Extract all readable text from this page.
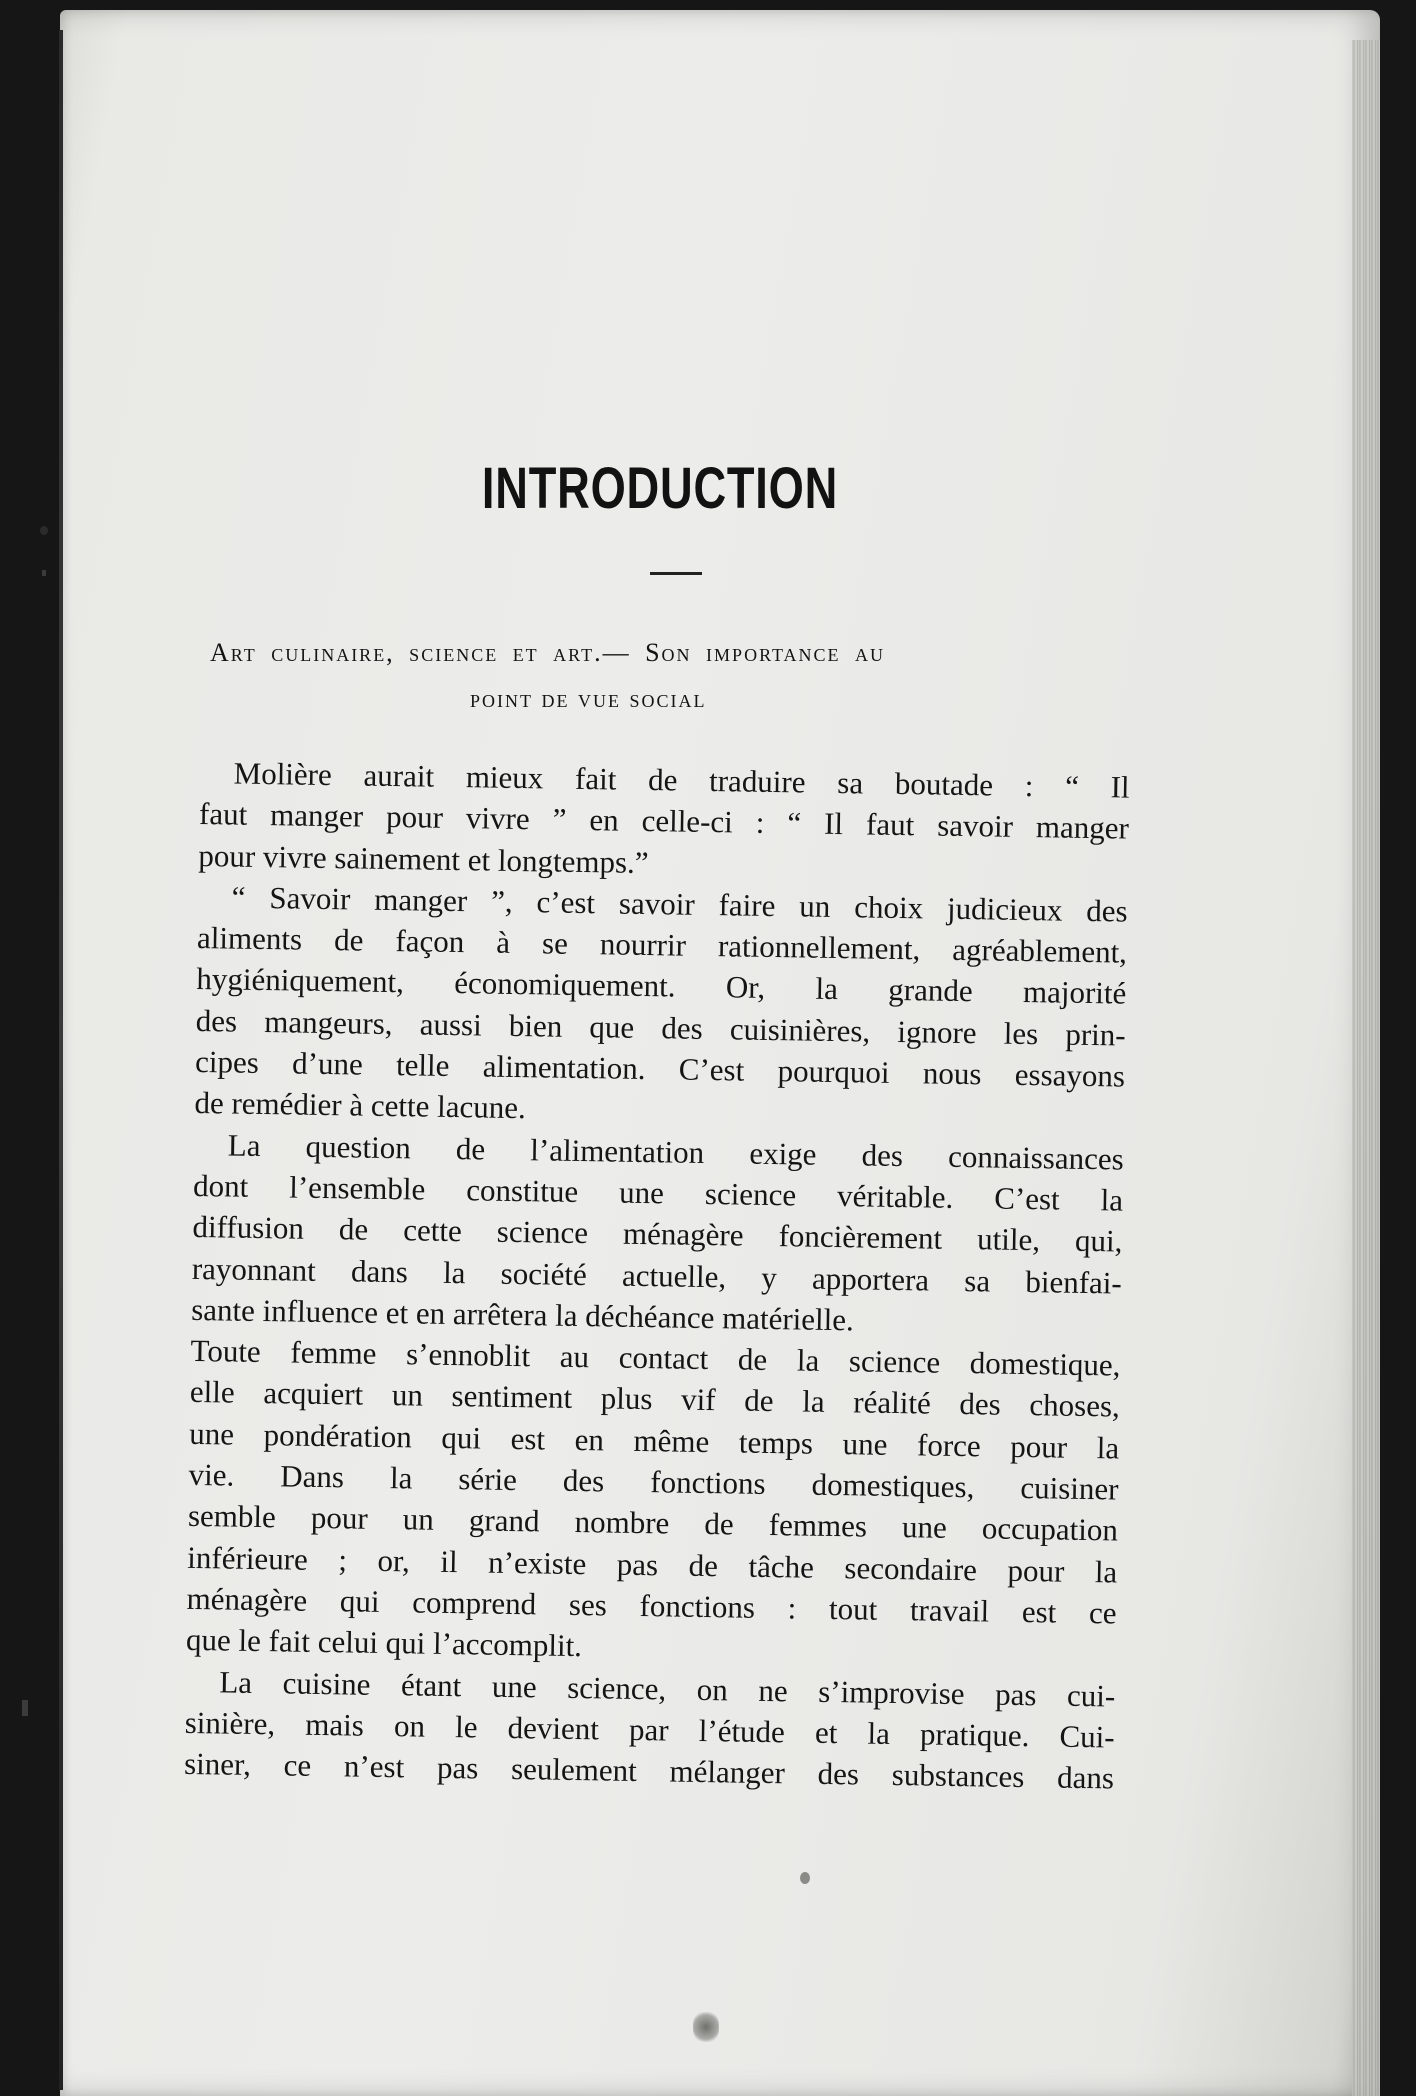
INTRODUCTION
Art culinaire, science et art.— Son importance au
point de vue social
Molière aurait mieux fait de traduire sa boutade : “ Il
faut manger pour vivre ” en celle-ci : “ Il faut savoir manger
pour vivre sainement et longtemps.”
“ Savoir manger ”, c’est savoir faire un choix judicieux des
aliments de façon à se nourrir rationnellement, agréablement,
hygiéniquement, économiquement. Or, la grande majorité
des mangeurs, aussi bien que des cuisinières, ignore les prin-
cipes d’une telle alimentation. C’est pourquoi nous essayons
de remédier à cette lacune.
La question de l’alimentation exige des connaissances
dont l’ensemble constitue une science véritable. C’est la
diffusion de cette science ménagère foncièrement utile, qui,
rayonnant dans la société actuelle, y apportera sa bienfai-
sante influence et en arrêtera la déchéance matérielle.
Toute femme s’ennoblit au contact de la science domestique,
elle acquiert un sentiment plus vif de la réalité des choses,
une pondération qui est en même temps une force pour la
vie. Dans la série des fonctions domestiques, cuisiner
semble pour un grand nombre de femmes une occupation
inférieure ; or, il n’existe pas de tâche secondaire pour la
ménagère qui comprend ses fonctions : tout travail est ce
que le fait celui qui l’accomplit.
La cuisine étant une science, on ne s’improvise pas cui-
sinière, mais on le devient par l’étude et la pratique. Cui-
siner, ce n’est pas seulement mélanger des substances dans
